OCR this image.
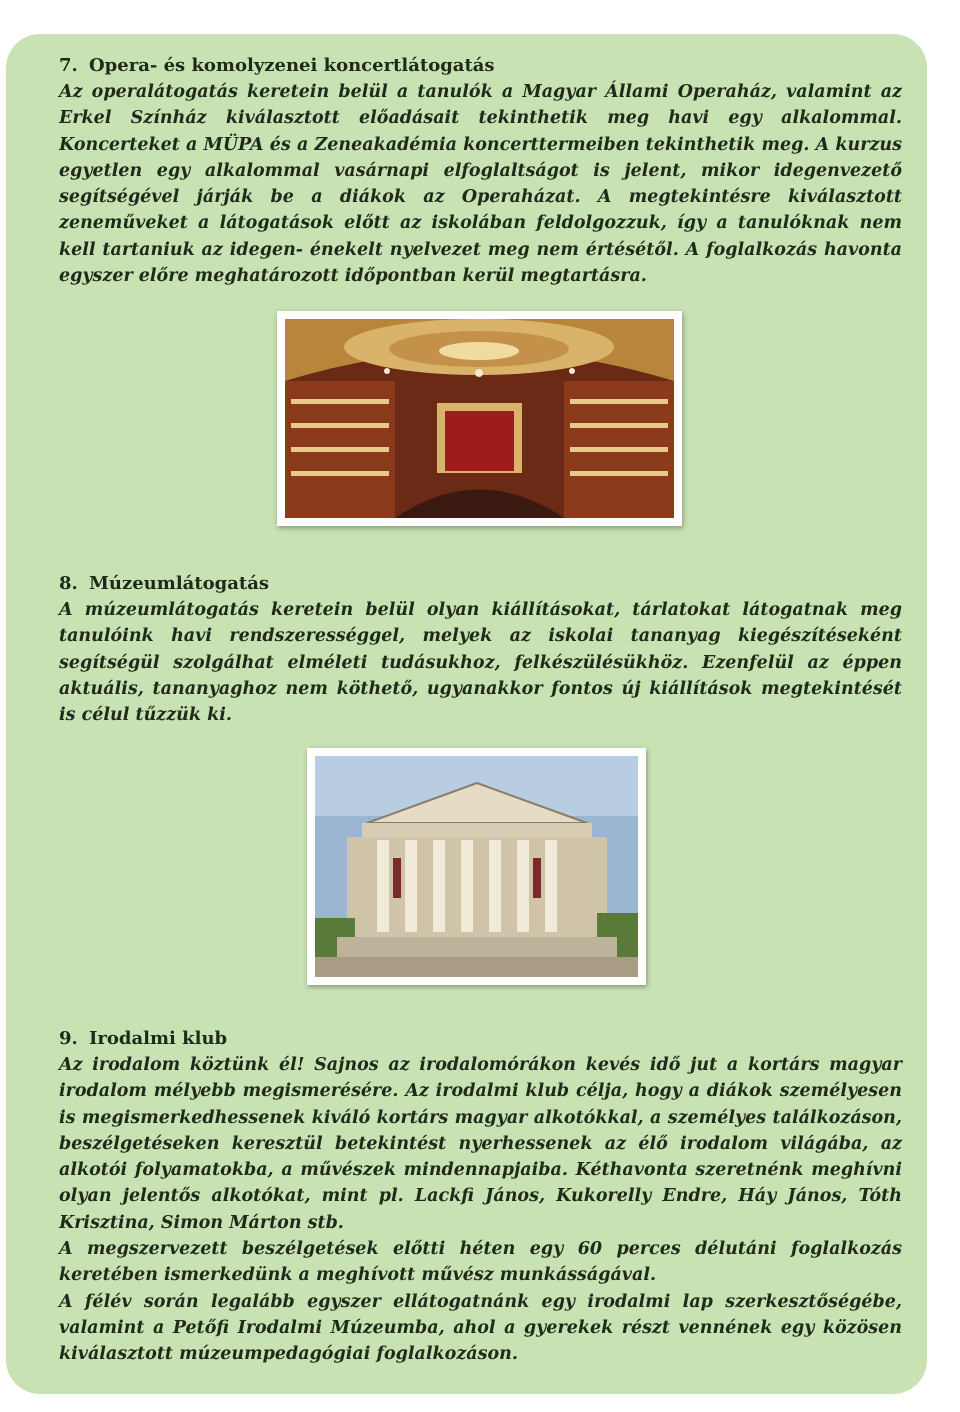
7. Opera- és komolyzenei koncertlátogatás

Az operalátogatás keretein belül a tanulók a Magyar Állami Operaház, valamint az Erkel Színház kiválasztott előadásait tekinthetik meg havi egy alkalommal. Koncerteket a MÜPA és a Zeneakadémia koncerttermeiben tekinthetik meg. A kurzus egyetlen egy alkalommal vasárnapi elfoglaltságot is jelent, mikor idegenvezető segítségével járják be a diákok az Operaházat. A megtekintésre kiválasztott zeneműveket a látogatások előtt az iskolában feldolgozzuk, így a tanulóknak nem kell tartaniuk az idegen- énekelt nyelvezet meg nem értésétől. A foglalkozás havonta egyszer előre meghatározott időpontban kerül megtartásra.

8. Múzeumlátogatás

A múzeumlátogatás keretein belül olyan kiállításokat, tárlatokat látogatnak meg tanulóink havi rendszerességgel, melyek az iskolai tananyag kiegészítéseként segítségül szolgálhat elméleti tudásukhoz, felkészülésükhöz. Ezenfelül az éppen aktuális, tananyaghoz nem köthető, ugyanakkor fontos új kiállítások megtekintését is célul tűzzük ki.

9. Irodalmi klub

Az irodalom köztünk él! Sajnos az irodalomórákon kevés idő jut a kortárs magyar irodalom mélyebb megismerésére. Az irodalmi klub célja, hogy a diákok személyesen is megismerkedhessenek kiváló kortárs magyar alkotókkal, a személyes találkozáson, beszélgetéseken keresztül betekintést nyerhessenek az élő irodalom világába, az alkotói folyamatokba, a művészek mindennapjaiba. Kéthavonta szeretnénk meghívni olyan jelentős alkotókat, mint pl. Lackfi János, Kukorelly Endre, Háy János, Tóth Krisztina, Simon Márton stb.

A megszervezett beszélgetések előtti héten egy 60 perces délutáni foglalkozás keretében ismerkedünk a meghívott művész munkásságával.

A félév során legalább egyszer ellátogatnánk egy irodalmi lap szerkesztőségébe, valamint a Petőfi Irodalmi Múzeumba, ahol a gyerekek részt vennének egy közösen kiválasztott múzeumpedagógiai foglalkozáson.
